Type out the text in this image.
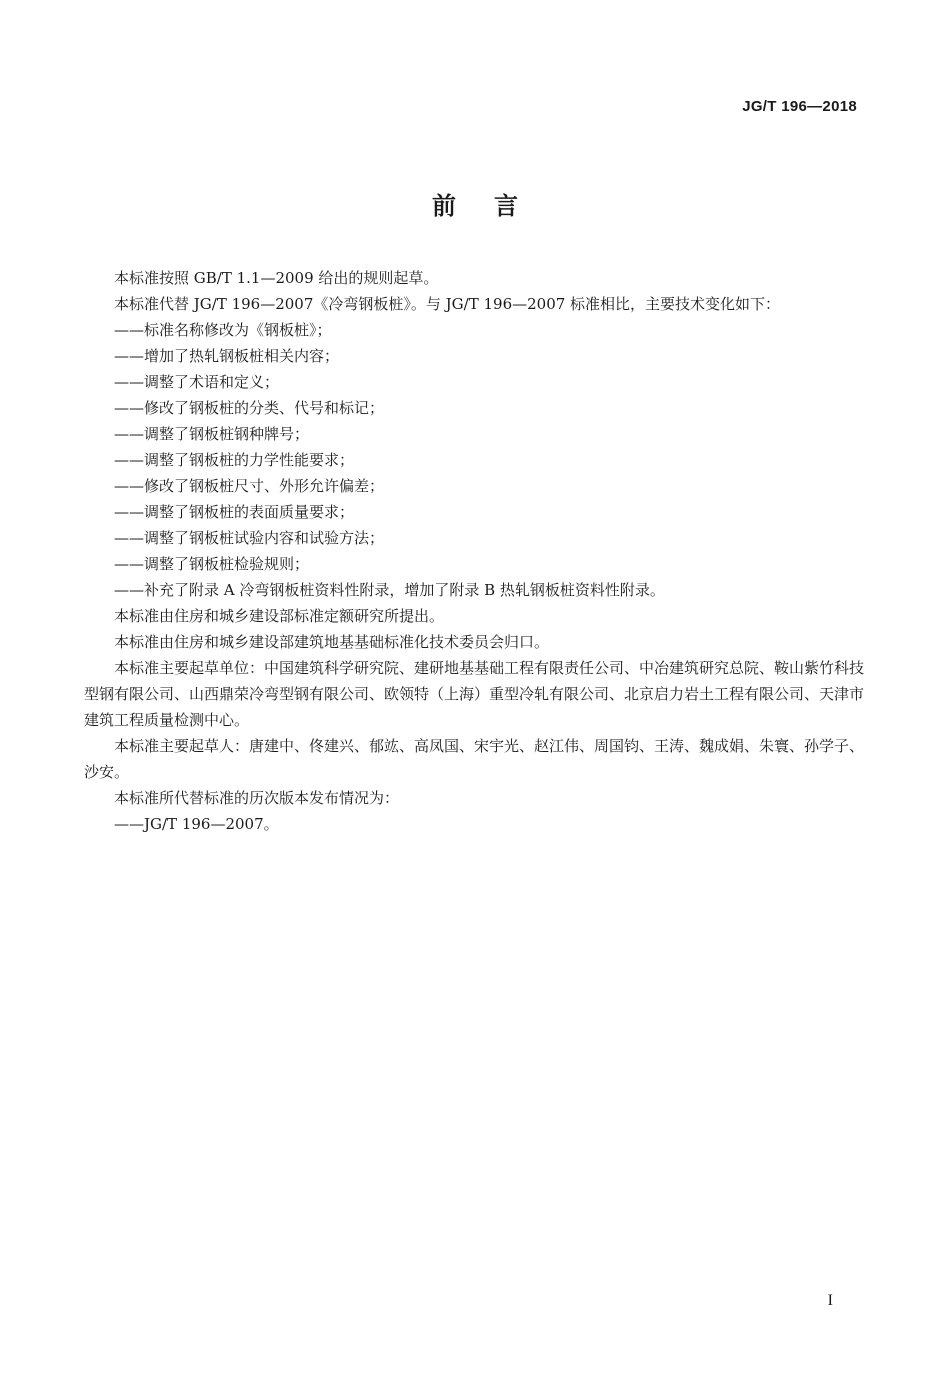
JG/T 196—2018
前言

本标准按照 GB/T 1.1—2009 给出的规则起草。

本标准代替 JG/T 196—2007《冷弯钢板桩》。与 JG/T 196—2007 标准相比，主要技术变化如下：

——标准名称修改为《钢板桩》；

——增加了热轧钢板桩相关内容；

——调整了术语和定义；

——修改了钢板桩的分类、代号和标记；

——调整了钢板桩钢种牌号；

——调整了钢板桩的力学性能要求；

——修改了钢板桩尺寸、外形允许偏差；

——调整了钢板桩的表面质量要求；

——调整了钢板桩试验内容和试验方法；

——调整了钢板桩检验规则；

——补充了附录 A 冷弯钢板桩资料性附录，增加了附录 B 热轧钢板桩资料性附录。

本标准由住房和城乡建设部标准定额研究所提出。

本标准由住房和城乡建设部建筑地基基础标准化技术委员会归口。

本标准主要起草单位：中国建筑科学研究院、建研地基基础工程有限责任公司、中冶建筑研究总院、鞍山紫竹科技型钢有限公司、山西鼎荣冷弯型钢有限公司、欧领特（上海）重型冷轧有限公司、北京启力岩土工程有限公司、天津市建筑工程质量检测中心。

本标准主要起草人：唐建中、佟建兴、郁竑、高凤国、宋宇光、赵江伟、周国钧、王涛、魏成娟、朱寰、孙学子、沙安。

本标准所代替标准的历次版本发布情况为：

——JG/T 196—2007。

I
